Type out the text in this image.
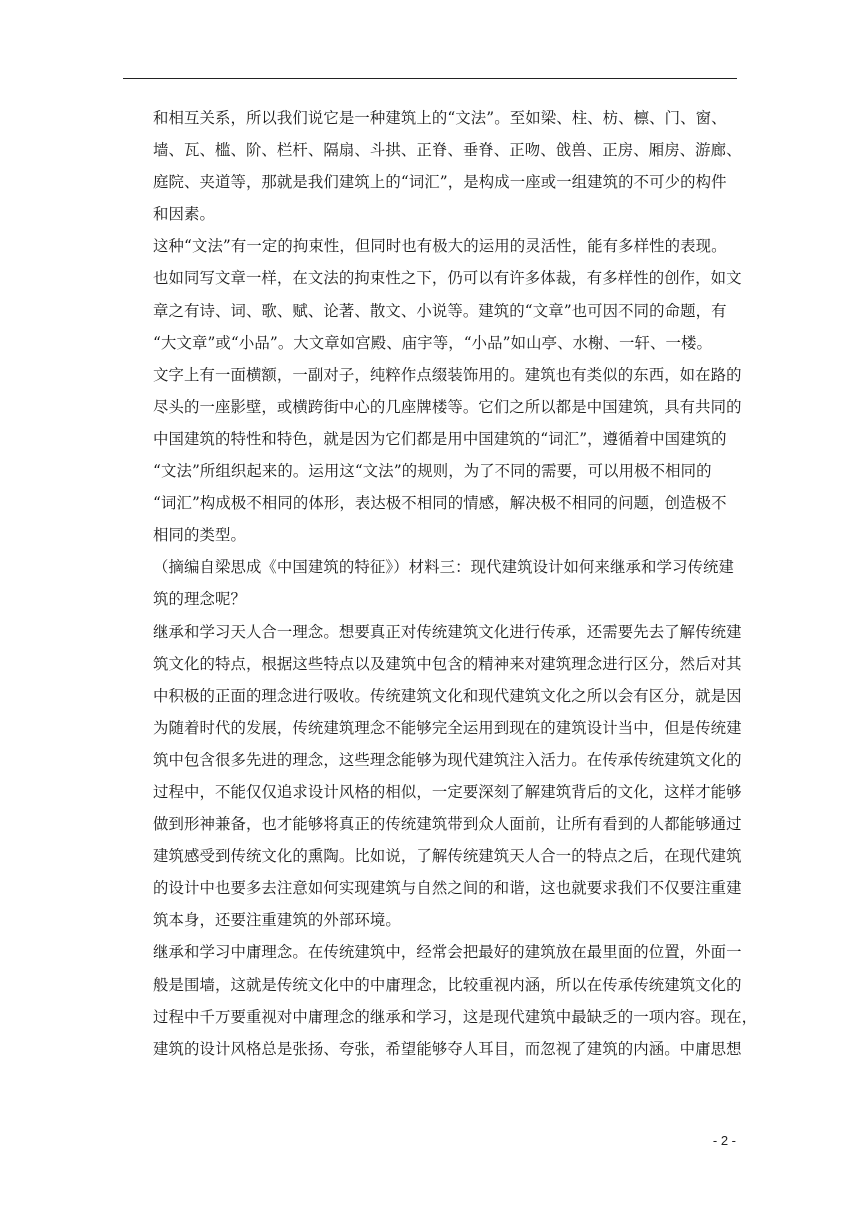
和相互关系，所以我们说它是一种建筑上的“文法”。至如梁、柱、枋、檩、门、窗、
墙、瓦、槛、阶、栏杆、隔扇、斗拱、正脊、垂脊、正吻、戗兽、正房、厢房、游廊、
庭院、夹道等，那就是我们建筑上的“词汇”，是构成一座或一组建筑的不可少的构件
和因素。
这种“文法”有一定的拘束性，但同时也有极大的运用的灵活性，能有多样性的表现。
也如同写文章一样，在文法的拘束性之下，仍可以有许多体裁，有多样性的创作，如文
章之有诗、词、歌、赋、论著、散文、小说等。建筑的“文章”也可因不同的命题，有
“大文章”或“小品”。大文章如宫殿、庙宇等，“小品”如山亭、水榭、一轩、一楼。
文字上有一面横额，一副对子，纯粹作点缀装饰用的。建筑也有类似的东西，如在路的
尽头的一座影壁，或横跨街中心的几座牌楼等。它们之所以都是中国建筑，具有共同的
中国建筑的特性和特色，就是因为它们都是用中国建筑的“词汇”，遵循着中国建筑的
“文法”所组织起来的。运用这“文法”的规则，为了不同的需要，可以用极不相同的
“词汇”构成极不相同的体形，表达极不相同的情感，解决极不相同的问题，创造极不
相同的类型。
（摘编自梁思成《中国建筑的特征》）材料三：现代建筑设计如何来继承和学习传统建
筑的理念呢？
继承和学习天人合一理念。想要真正对传统建筑文化进行传承，还需要先去了解传统建
筑文化的特点，根据这些特点以及建筑中包含的精神来对建筑理念进行区分，然后对其
中积极的正面的理念进行吸收。传统建筑文化和现代建筑文化之所以会有区分，就是因
为随着时代的发展，传统建筑理念不能够完全运用到现在的建筑设计当中，但是传统建
筑中包含很多先进的理念，这些理念能够为现代建筑注入活力。在传承传统建筑文化的
过程中，不能仅仅追求设计风格的相似，一定要深刻了解建筑背后的文化，这样才能够
做到形神兼备，也才能够将真正的传统建筑带到众人面前，让所有看到的人都能够通过
建筑感受到传统文化的熏陶。比如说，了解传统建筑天人合一的特点之后，在现代建筑
的设计中也要多去注意如何实现建筑与自然之间的和谐，这也就要求我们不仅要注重建
筑本身，还要注重建筑的外部环境。
继承和学习中庸理念。在传统建筑中，经常会把最好的建筑放在最里面的位置，外面一
般是围墙，这就是传统文化中的中庸理念，比较重视内涵，所以在传承传统建筑文化的
过程中千万要重视对中庸理念的继承和学习，这是现代建筑中最缺乏的一项内容。现在，
建筑的设计风格总是张扬、夸张，希望能够夺人耳目，而忽视了建筑的内涵。中庸思想
- 2 -
